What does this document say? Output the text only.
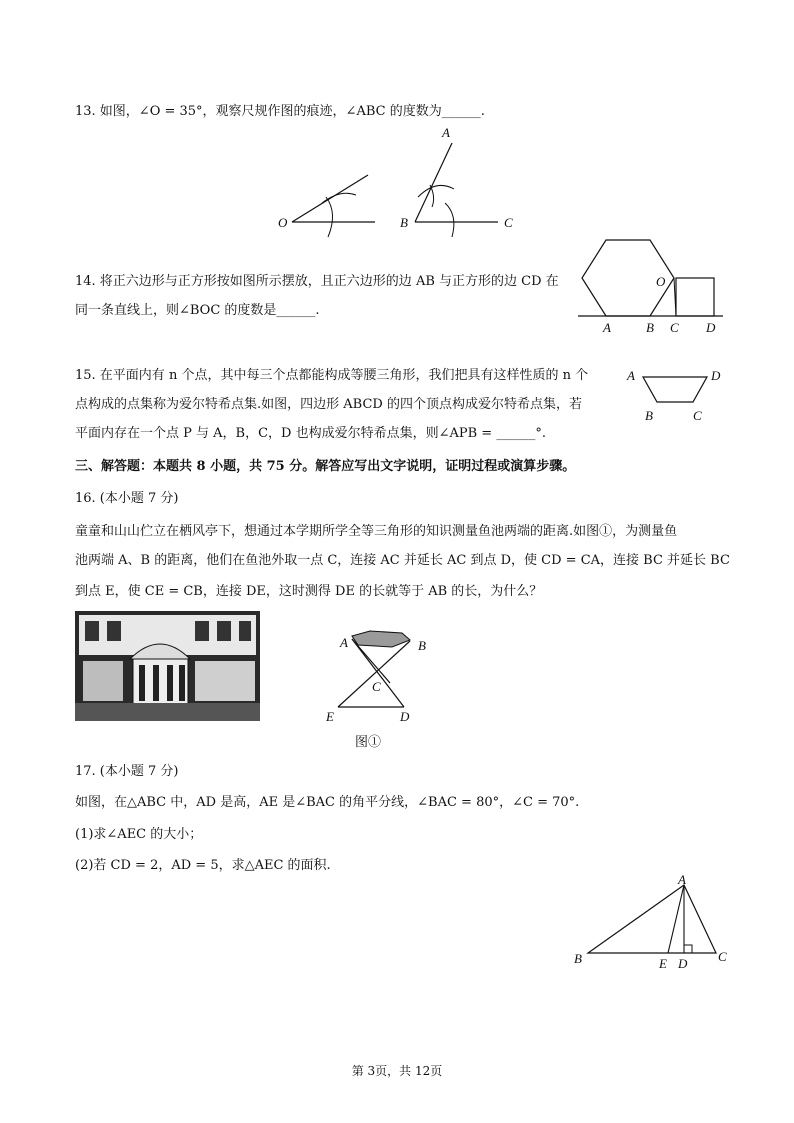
13. 如图，∠O = 35°，观察尺规作图的痕迹，∠ABC 的度数为______.
O
A
B	C
14. 将正六边形与正方形按如图所示摆放，且正六边形的边 AB 与正方形的边 CD 在
同一条直线上，则∠BOC 的度数是______.
O
A	B C D
15. 在平面内有 n 个点，其中每三个点都能构成等腰三角形，我们把具有这样性质的 n 个
点构成的点集称为爱尔特希点集.如图，四边形 ABCD 的四个顶点构成爱尔特希点集，若
平面内存在一个点 P 与 A，B，C，D 也构成爱尔特希点集，则∠APB = ______°.
A	D
B	C
三、解答题：本题共 8 小题，共 75 分。解答应写出文字说明，证明过程或演算步骤。
16. (本小题 7 分)
童童和山山伫立在栖风亭下，想通过本学期所学全等三角形的知识测量鱼池两端的距离.如图①，为测量鱼
池两端 A、B 的距离，他们在鱼池外取一点 C，连接 AC 并延长 AC 到点 D，使 CD = CA，连接 BC 并延长 BC
到点 E，使 CE = CB，连接 DE，这时测得 DE 的长就等于 AB 的长，为什么？
A	B
C
E	D
图①
17. (本小题 7 分)
如图，在△ABC 中，AD 是高，AE 是∠BAC 的角平分线，∠BAC = 80°，∠C = 70°.
(1)求∠AEC 的大小；
(2)若 CD = 2，AD = 5，求△AEC 的面积.
A
B	C
E D
第 3页，共 12页
